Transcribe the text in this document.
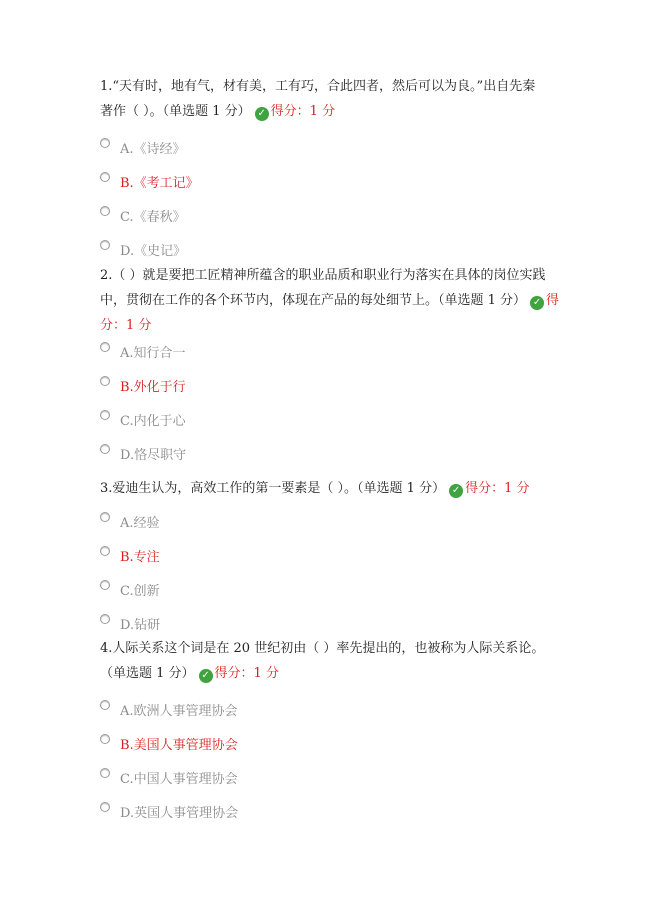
1.“天有时，地有气，材有美，工有巧，合此四者，然后可以为良。”出自先秦
著作（ ）。（单选题 1 分） ✓ 得分：1 分
A.《诗经》
B.《考工记》
C.《春秋》
D.《史记》
2.（ ）就是要把工匠精神所蕴含的职业品质和职业行为落实在具体的岗位实践
中，贯彻在工作的各个环节内，体现在产品的每处细节上。（单选题 1 分） ✓ 得
分：1 分
A.知行合一
B.外化于行
C.内化于心
D.恪尽职守
3.爱迪生认为，高效工作的第一要素是（ ）。（单选题 1 分） ✓ 得分：1 分
A.经验
B.专注
C.创新
D.钻研
4.人际关系这个词是在 20 世纪初由（ ）率先提出的，也被称为人际关系论。
（单选题 1 分） ✓ 得分：1 分
A.欧洲人事管理协会
B.美国人事管理协会
C.中国人事管理协会
D.英国人事管理协会
